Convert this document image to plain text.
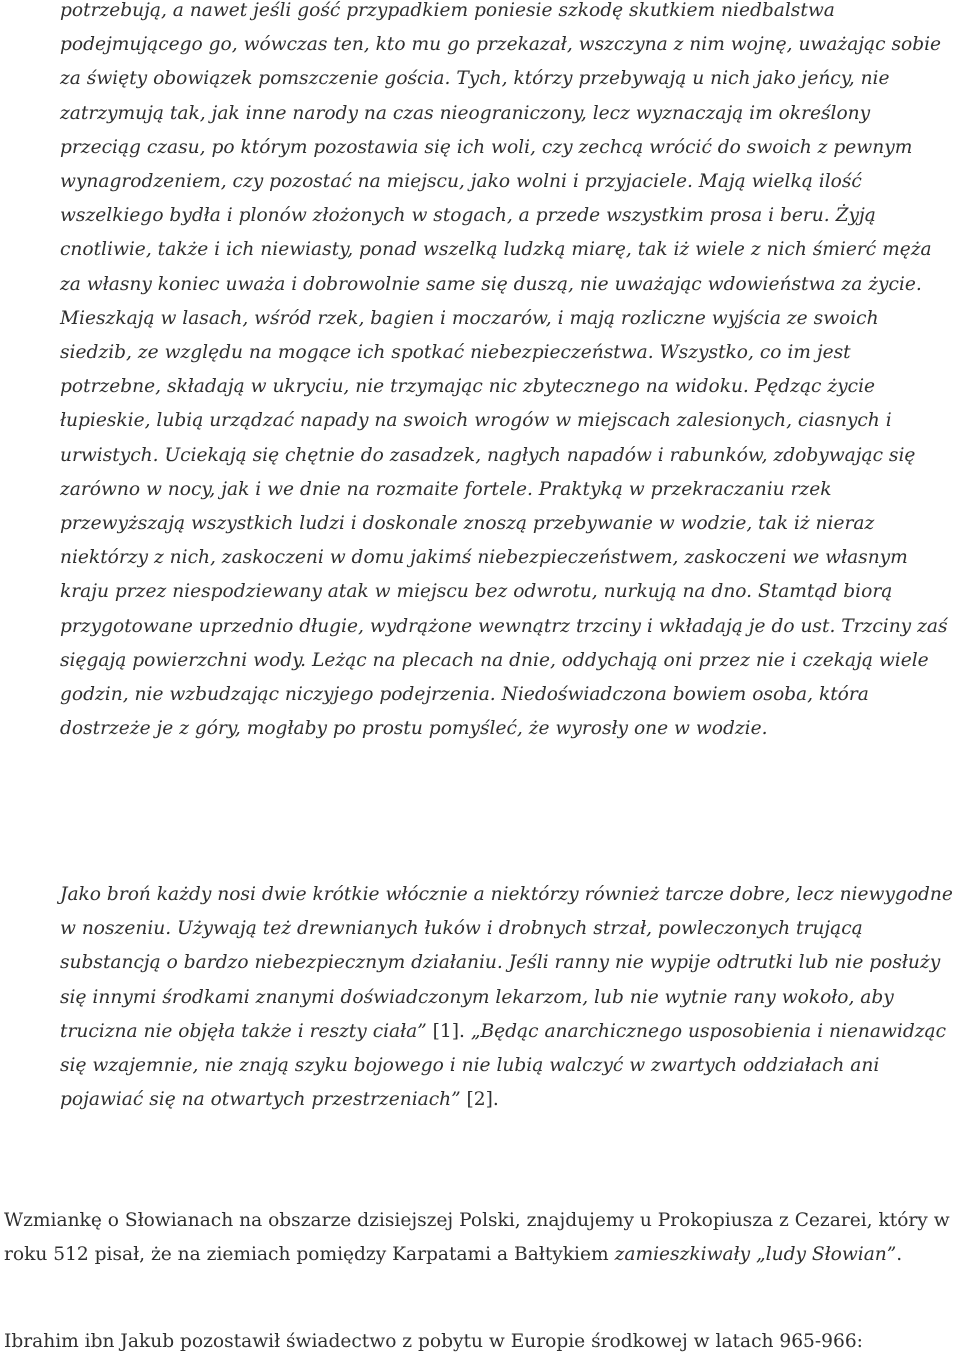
potrzebują, a nawet jeśli gość przypadkiem poniesie szkodę skutkiem niedbalstwa podejmującego go, wówczas ten, kto mu go przekazał, wszczyna z nim wojnę, uważając sobie za święty obowiązek pomszczenie gościa. Tych, którzy przebywają u nich jako jeńcy, nie zatrzymują tak, jak inne narody na czas nieograniczony, lecz wyznaczają im określony przeciąg czasu, po którym pozostawia się ich woli, czy zechcą wrócić do swoich z pewnym wynagrodzeniem, czy pozostać na miejscu, jako wolni i przyjaciele. Mają wielką ilość wszelkiego bydła i plonów złożonych w stogach, a przede wszystkim prosa i beru. Żyją cnotliwie, także i ich niewiasty, ponad wszelką ludzką miarę, tak iż wiele z nich śmierć męża za własny koniec uważa i dobrowolnie same się duszą, nie uważając wdowieństwa za życie. Mieszkają w lasach, wśród rzek, bagien i moczarów, i mają rozliczne wyjścia ze swoich siedzib, ze względu na mogące ich spotkać niebezpieczeństwa. Wszystko, co im jest potrzebne, składają w ukryciu, nie trzymając nic zbytecznego na widoku. Pędząc życie łupieskie, lubią urządzać napady na swoich wrogów w miejscach zalesionych, ciasnych i urwistych. Uciekają się chętnie do zasadzek, nagłych napadów i rabunków, zdobywając się zarówno w nocy, jak i we dnie na rozmaite fortele. Praktyką w przekraczaniu rzek przewyższają wszystkich ludzi i doskonale znoszą przebywanie w wodzie, tak iż nieraz niektórzy z nich, zaskoczeni w domu jakimś niebezpieczeństwem, zaskoczeni we własnym kraju przez niespodziewany atak w miejscu bez odwrotu, nurkują na dno. Stamtąd biorą przygotowane uprzednio długie, wydrążone wewnątrz trzciny i wkładają je do ust. Trzciny zaś sięgają powierzchni wody. Leżąc na plecach na dnie, oddychają oni przez nie i czekają wiele godzin, nie wzbudzając niczyjego podejrzenia. Niedoświadczona bowiem osoba, która dostrzeże je z góry, mogłaby po prostu pomyśleć, że wyrosły one w wodzie.

Jako broń każdy nosi dwie krótkie włócznie a niektórzy również tarcze dobre, lecz niewygodne w noszeniu. Używają też drewnianych łuków i drobnych strzał, powleczonych trującą substancją o bardzo niebezpiecznym działaniu. Jeśli ranny nie wypije odtrutki lub nie posłuży się innymi środkami znanymi doświadczonym lekarzom, lub nie wytnie rany wokoło, aby trucizna nie objęła także i reszty ciała” [1]. „Będąc anarchicznego usposobienia i nienawidząc się wzajemnie, nie znają szyku bojowego i nie lubią walczyć w zwartych oddziałach ani pojawiać się na otwartych przestrzeniach” [2].

Wzmiankę o Słowianach na obszarze dzisiejszej Polski, znajdujemy u Prokopiusza z Cezarei, który w roku 512 pisał, że na ziemiach pomiędzy Karpatami a Bałtykiem zamieszkiwały „ludy Słowian”.

Ibrahim ibn Jakub pozostawił świadectwo z pobytu w Europie środkowej w latach 965-966:
